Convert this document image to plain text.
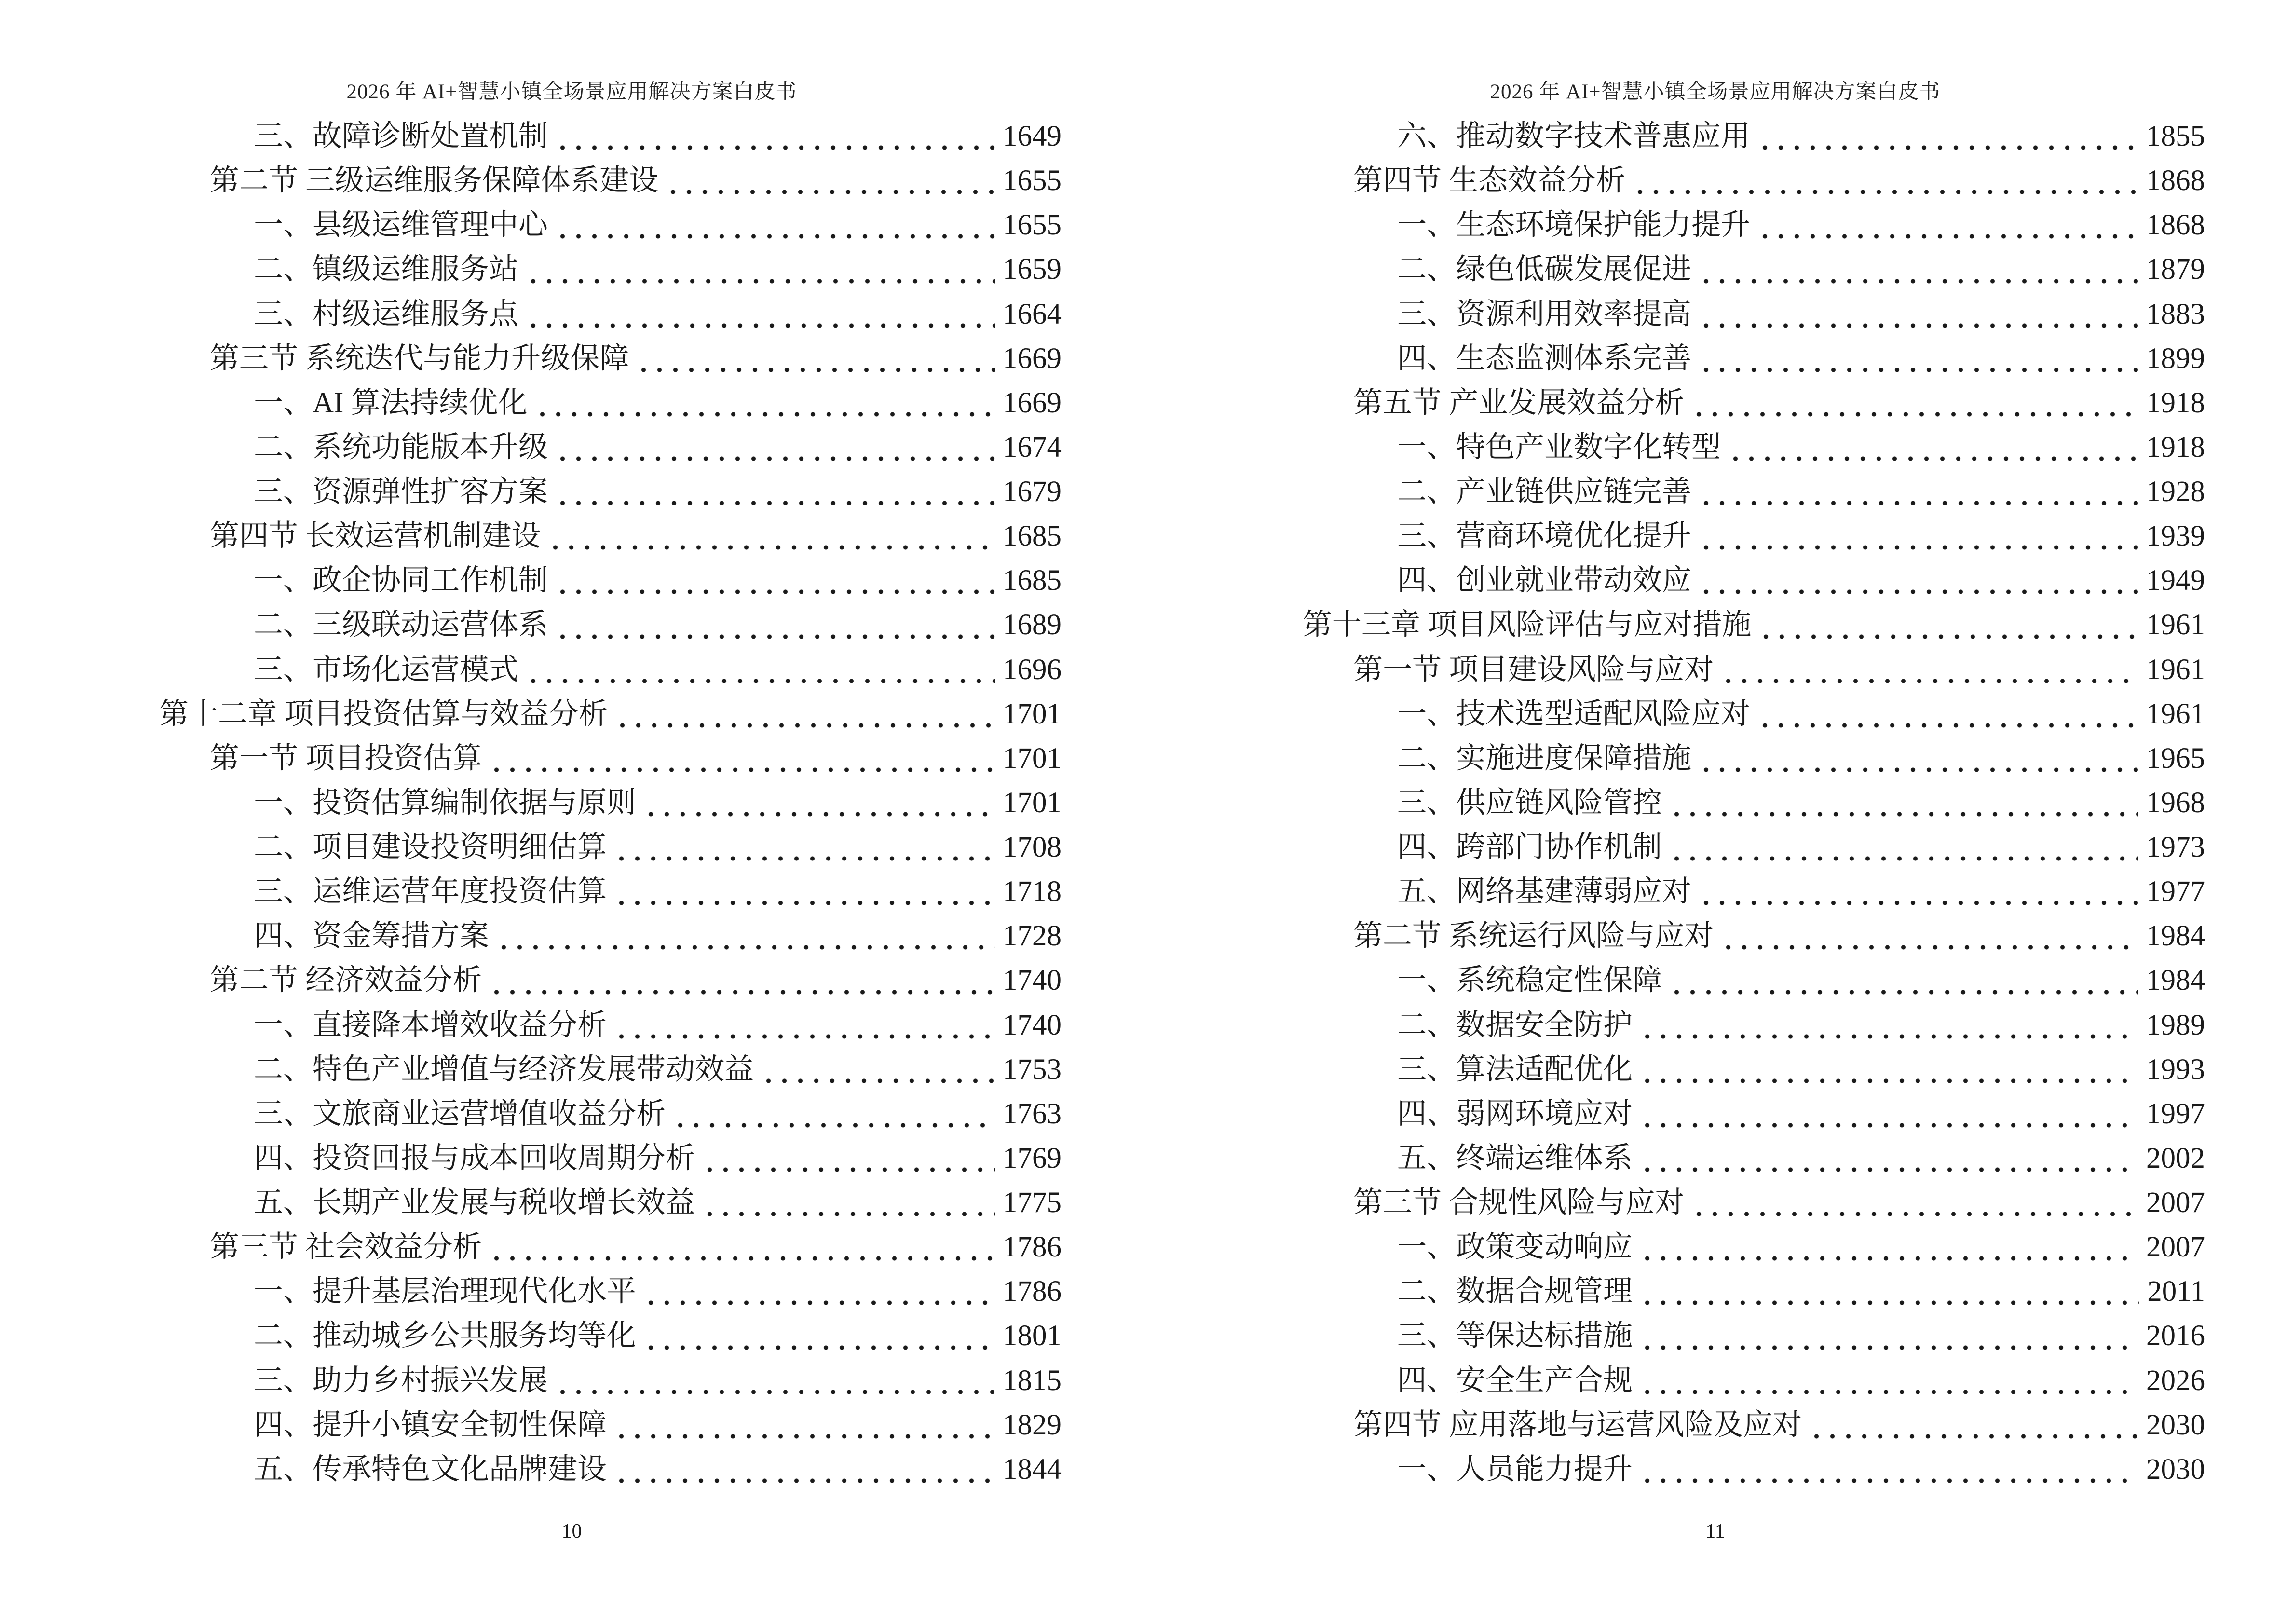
2026 年 AI+智慧小镇全场景应用解决方案白皮书
三、故障诊断处置机制	1649
第二节 三级运维服务保障体系建设	1655
一、县级运维管理中心	1655
二、镇级运维服务站	1659
三、村级运维服务点	1664
第三节 系统迭代与能力升级保障	1669
一、AI 算法持续优化	1669
二、系统功能版本升级	1674
三、资源弹性扩容方案	1679
第四节 长效运营机制建设	1685
一、政企协同工作机制	1685
二、三级联动运营体系	1689
三、市场化运营模式	1696
第十二章 项目投资估算与效益分析	1701
第一节 项目投资估算	1701
一、投资估算编制依据与原则	1701
二、项目建设投资明细估算	1708
三、运维运营年度投资估算	1718
四、资金筹措方案	1728
第二节 经济效益分析	1740
一、直接降本增效收益分析	1740
二、特色产业增值与经济发展带动效益	1753
三、文旅商业运营增值收益分析	1763
四、投资回报与成本回收周期分析	1769
五、长期产业发展与税收增长效益	1775
第三节 社会效益分析	1786
一、提升基层治理现代化水平	1786
二、推动城乡公共服务均等化	1801
三、助力乡村振兴发展	1815
四、提升小镇安全韧性保障	1829
五、传承特色文化品牌建设	1844
10
2026 年 AI+智慧小镇全场景应用解决方案白皮书
六、推动数字技术普惠应用	1855
第四节 生态效益分析	1868
一、生态环境保护能力提升	1868
二、绿色低碳发展促进	1879
三、资源利用效率提高	1883
四、生态监测体系完善	1899
第五节 产业发展效益分析	1918
一、特色产业数字化转型	1918
二、产业链供应链完善	1928
三、营商环境优化提升	1939
四、创业就业带动效应	1949
第十三章 项目风险评估与应对措施	1961
第一节 项目建设风险与应对	1961
一、技术选型适配风险应对	1961
二、实施进度保障措施	1965
三、供应链风险管控	1968
四、跨部门协作机制	1973
五、网络基建薄弱应对	1977
第二节 系统运行风险与应对	1984
一、系统稳定性保障	1984
二、数据安全防护	1989
三、算法适配优化	1993
四、弱网环境应对	1997
五、终端运维体系	2002
第三节 合规性风险与应对	2007
一、政策变动响应	2007
二、数据合规管理	2011
三、等保达标措施	2016
四、安全生产合规	2026
第四节 应用落地与运营风险及应对	2030
一、人员能力提升	2030
11
